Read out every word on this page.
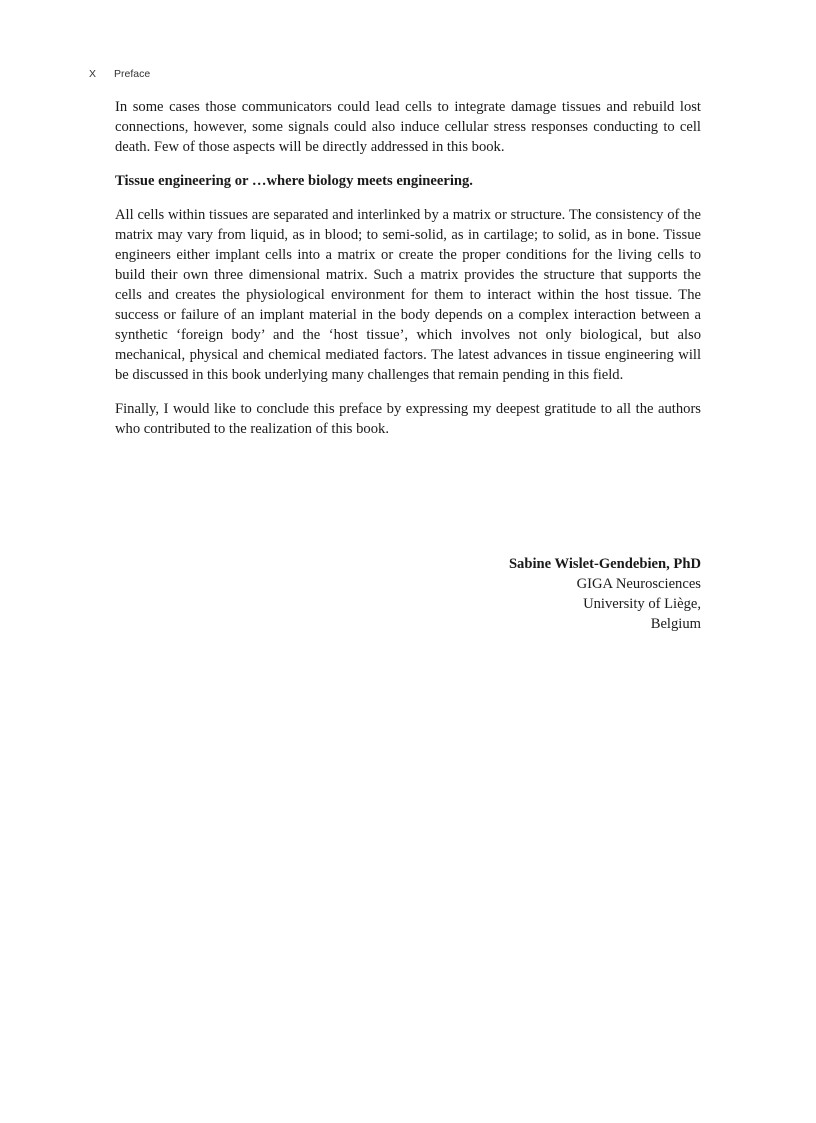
X Preface

In some cases those communicators could lead cells to integrate damage tissues and rebuild lost connections, however, some signals could also induce cellular stress responses conducting to cell death. Few of those aspects will be directly addressed in this book.

Tissue engineering or …where biology meets engineering.

All cells within tissues are separated and interlinked by a matrix or structure. The consistency of the matrix may vary from liquid, as in blood; to semi-solid, as in cartilage; to solid, as in bone. Tissue engineers either implant cells into a matrix or create the proper conditions for the living cells to build their own three dimensional matrix. Such a matrix provides the structure that supports the cells and creates the physiological environment for them to interact within the host tissue. The success or failure of an implant material in the body depends on a complex interaction between a synthetic ‘foreign body’ and the ‘host tissue’, which involves not only biological, but also mechanical, physical and chemical mediated factors. The latest advances in tissue engineering will be discussed in this book underlying many challenges that remain pending in this field.

Finally, I would like to conclude this preface by expressing my deepest gratitude to all the authors who contributed to the realization of this book.

Sabine Wislet-Gendebien, PhD
GIGA Neurosciences
University of Liège,
Belgium
